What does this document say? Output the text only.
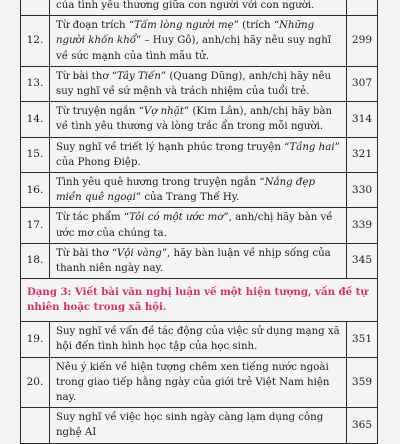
	của tình yêu thương giữa con người với con người.	
12.	Từ đoạn trích “Tấm lòng người mẹ” (trích “Những người khốn khổ” – Huy Gô), anh/chị hãy nêu suy nghĩ về sức mạnh của tình mẫu tử.	299
13.	Từ bài thơ “Tây Tiến” (Quang Dũng), anh/chị hãy nêu suy nghĩ về sứ mệnh và trách nhiệm của tuổi trẻ.	307
14.	Từ truyện ngắn “Vợ nhặt” (Kim Lân), anh/chị hãy bàn về tình yêu thương và lòng trắc ẩn trong mỗi người.	314
15.	Suy nghĩ về triết lý hạnh phúc trong truyện “Tầng hai” của Phong Điệp.	321
16.	Tình yêu quê hương trong truyện ngắn “Nắng đẹp miền quê ngoại” của Trang Thế Hy.	330
17.	Từ tác phẩm “Tôi có một ước mơ”, anh/chị hãy bàn về ước mơ của chúng ta.	339
18.	Từ bài thơ “Vội vàng”, hãy bàn luận về nhịp sống của thanh niên ngày nay.	345
Dạng 3: Viết bài văn nghị luận về một hiện tượng, vấn đề tự nhiên hoặc trong xã hội.		
19.	Suy nghĩ về vấn đề tác động của việc sử dụng mạng xã hội đến tình hình học tập của học sinh.	351
20.	Nêu ý kiến về hiện tượng chêm xen tiếng nước ngoài trong giao tiếp hằng ngày của giới trẻ Việt Nam hiện nay.	359
	Suy nghĩ về việc học sinh ngày càng lạm dụng công nghệ AI	365
